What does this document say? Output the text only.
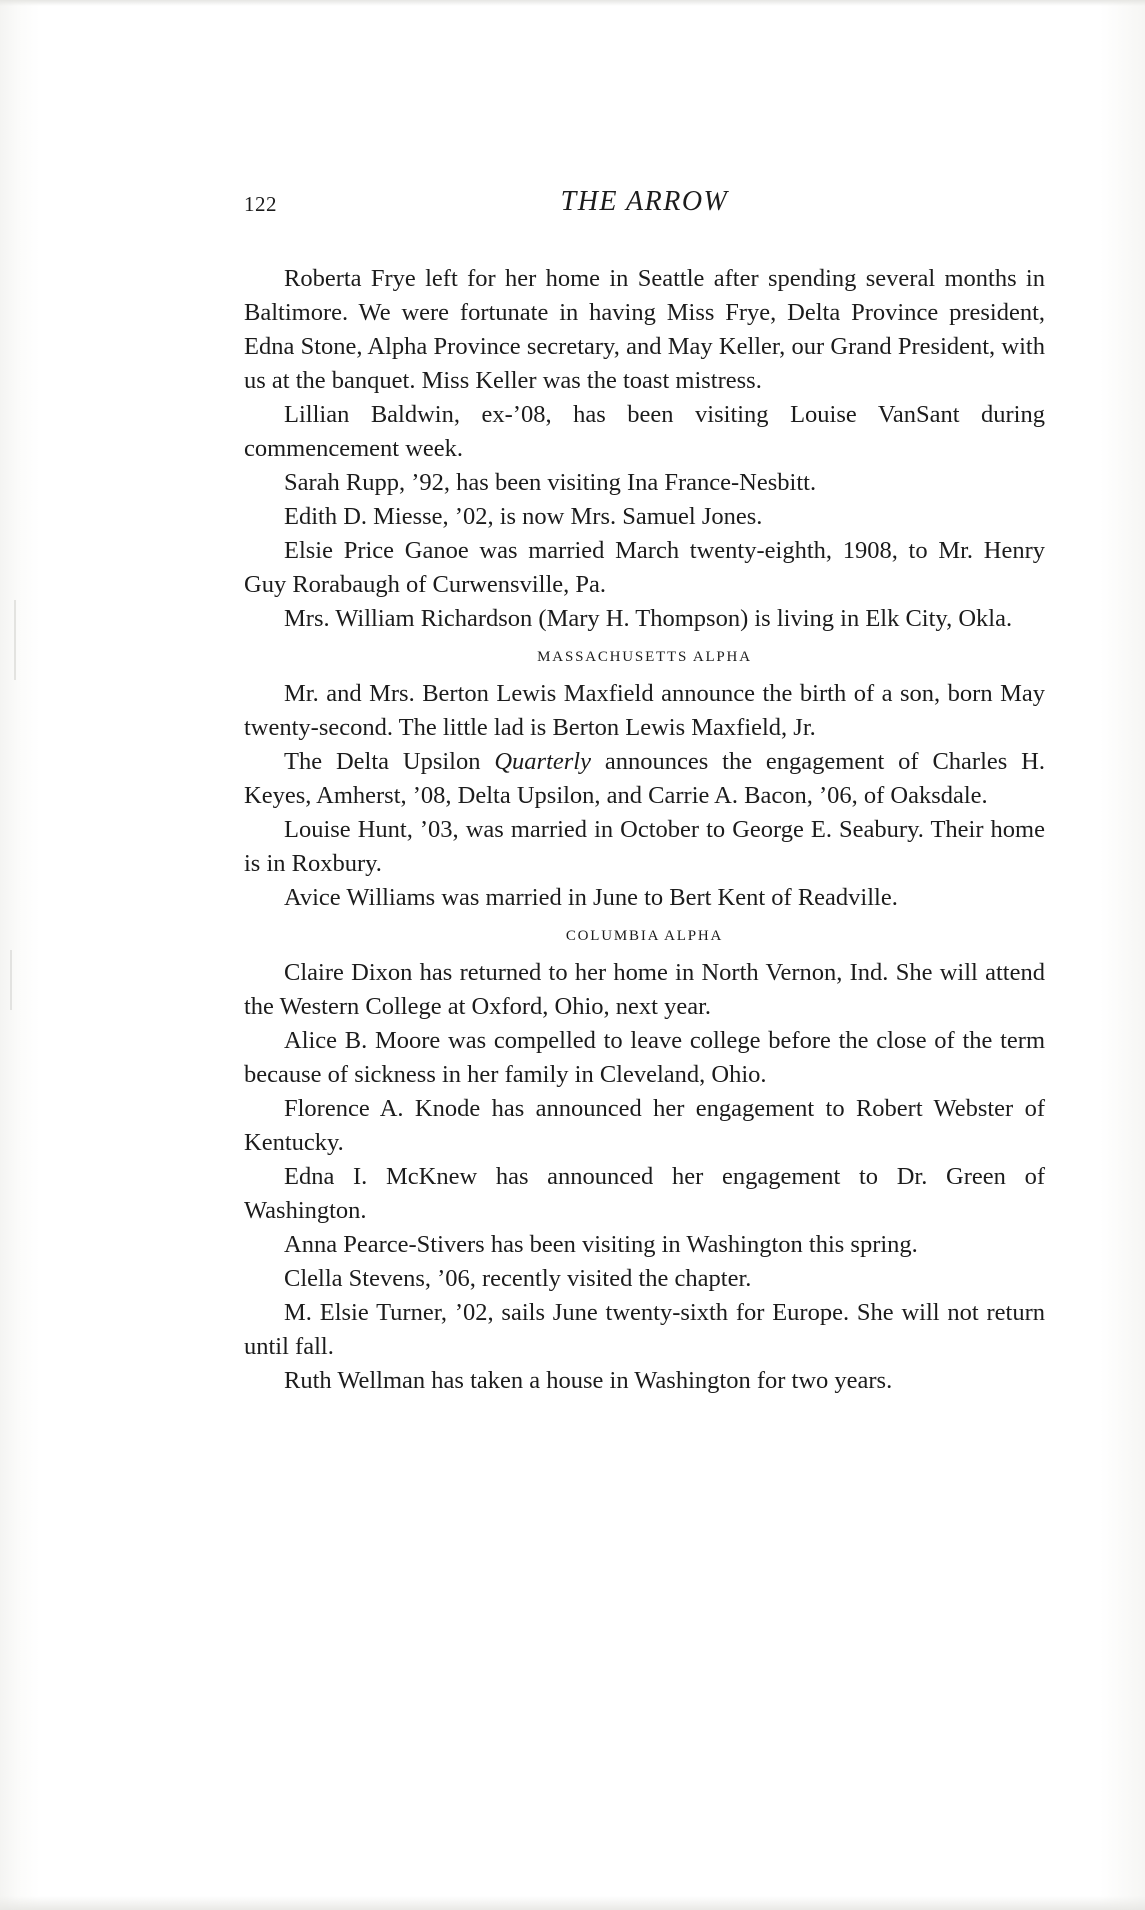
122	THE ARROW

Roberta Frye left for her home in Seattle after spending several months in Baltimore. We were fortunate in having Miss Frye, Delta Province president, Edna Stone, Alpha Province secretary, and May Keller, our Grand President, with us at the banquet. Miss Keller was the toast mistress.

Lillian Baldwin, ex-’08, has been visiting Louise VanSant during commencement week.

Sarah Rupp, ’92, has been visiting Ina France-Nesbitt.

Edith D. Miesse, ’02, is now Mrs. Samuel Jones.

Elsie Price Ganoe was married March twenty-eighth, 1908, to Mr. Henry Guy Rorabaugh of Curwensville, Pa.

Mrs. William Richardson (Mary H. Thompson) is living in Elk City, Okla.

MASSACHUSETTS ALPHA

Mr. and Mrs. Berton Lewis Maxfield announce the birth of a son, born May twenty-second. The little lad is Berton Lewis Maxfield, Jr.

The Delta Upsilon Quarterly announces the engagement of Charles H. Keyes, Amherst, ’08, Delta Upsilon, and Carrie A. Bacon, ’06, of Oaksdale.

Louise Hunt, ’03, was married in October to George E. Seabury. Their home is in Roxbury.

Avice Williams was married in June to Bert Kent of Readville.

COLUMBIA ALPHA

Claire Dixon has returned to her home in North Vernon, Ind. She will attend the Western College at Oxford, Ohio, next year.

Alice B. Moore was compelled to leave college before the close of the term because of sickness in her family in Cleveland, Ohio.

Florence A. Knode has announced her engagement to Robert Webster of Kentucky.

Edna I. McKnew has announced her engagement to Dr. Green of Washington.

Anna Pearce-Stivers has been visiting in Washington this spring.

Clella Stevens, ’06, recently visited the chapter.

M. Elsie Turner, ’02, sails June twenty-sixth for Europe. She will not return until fall.

Ruth Wellman has taken a house in Washington for two years.
